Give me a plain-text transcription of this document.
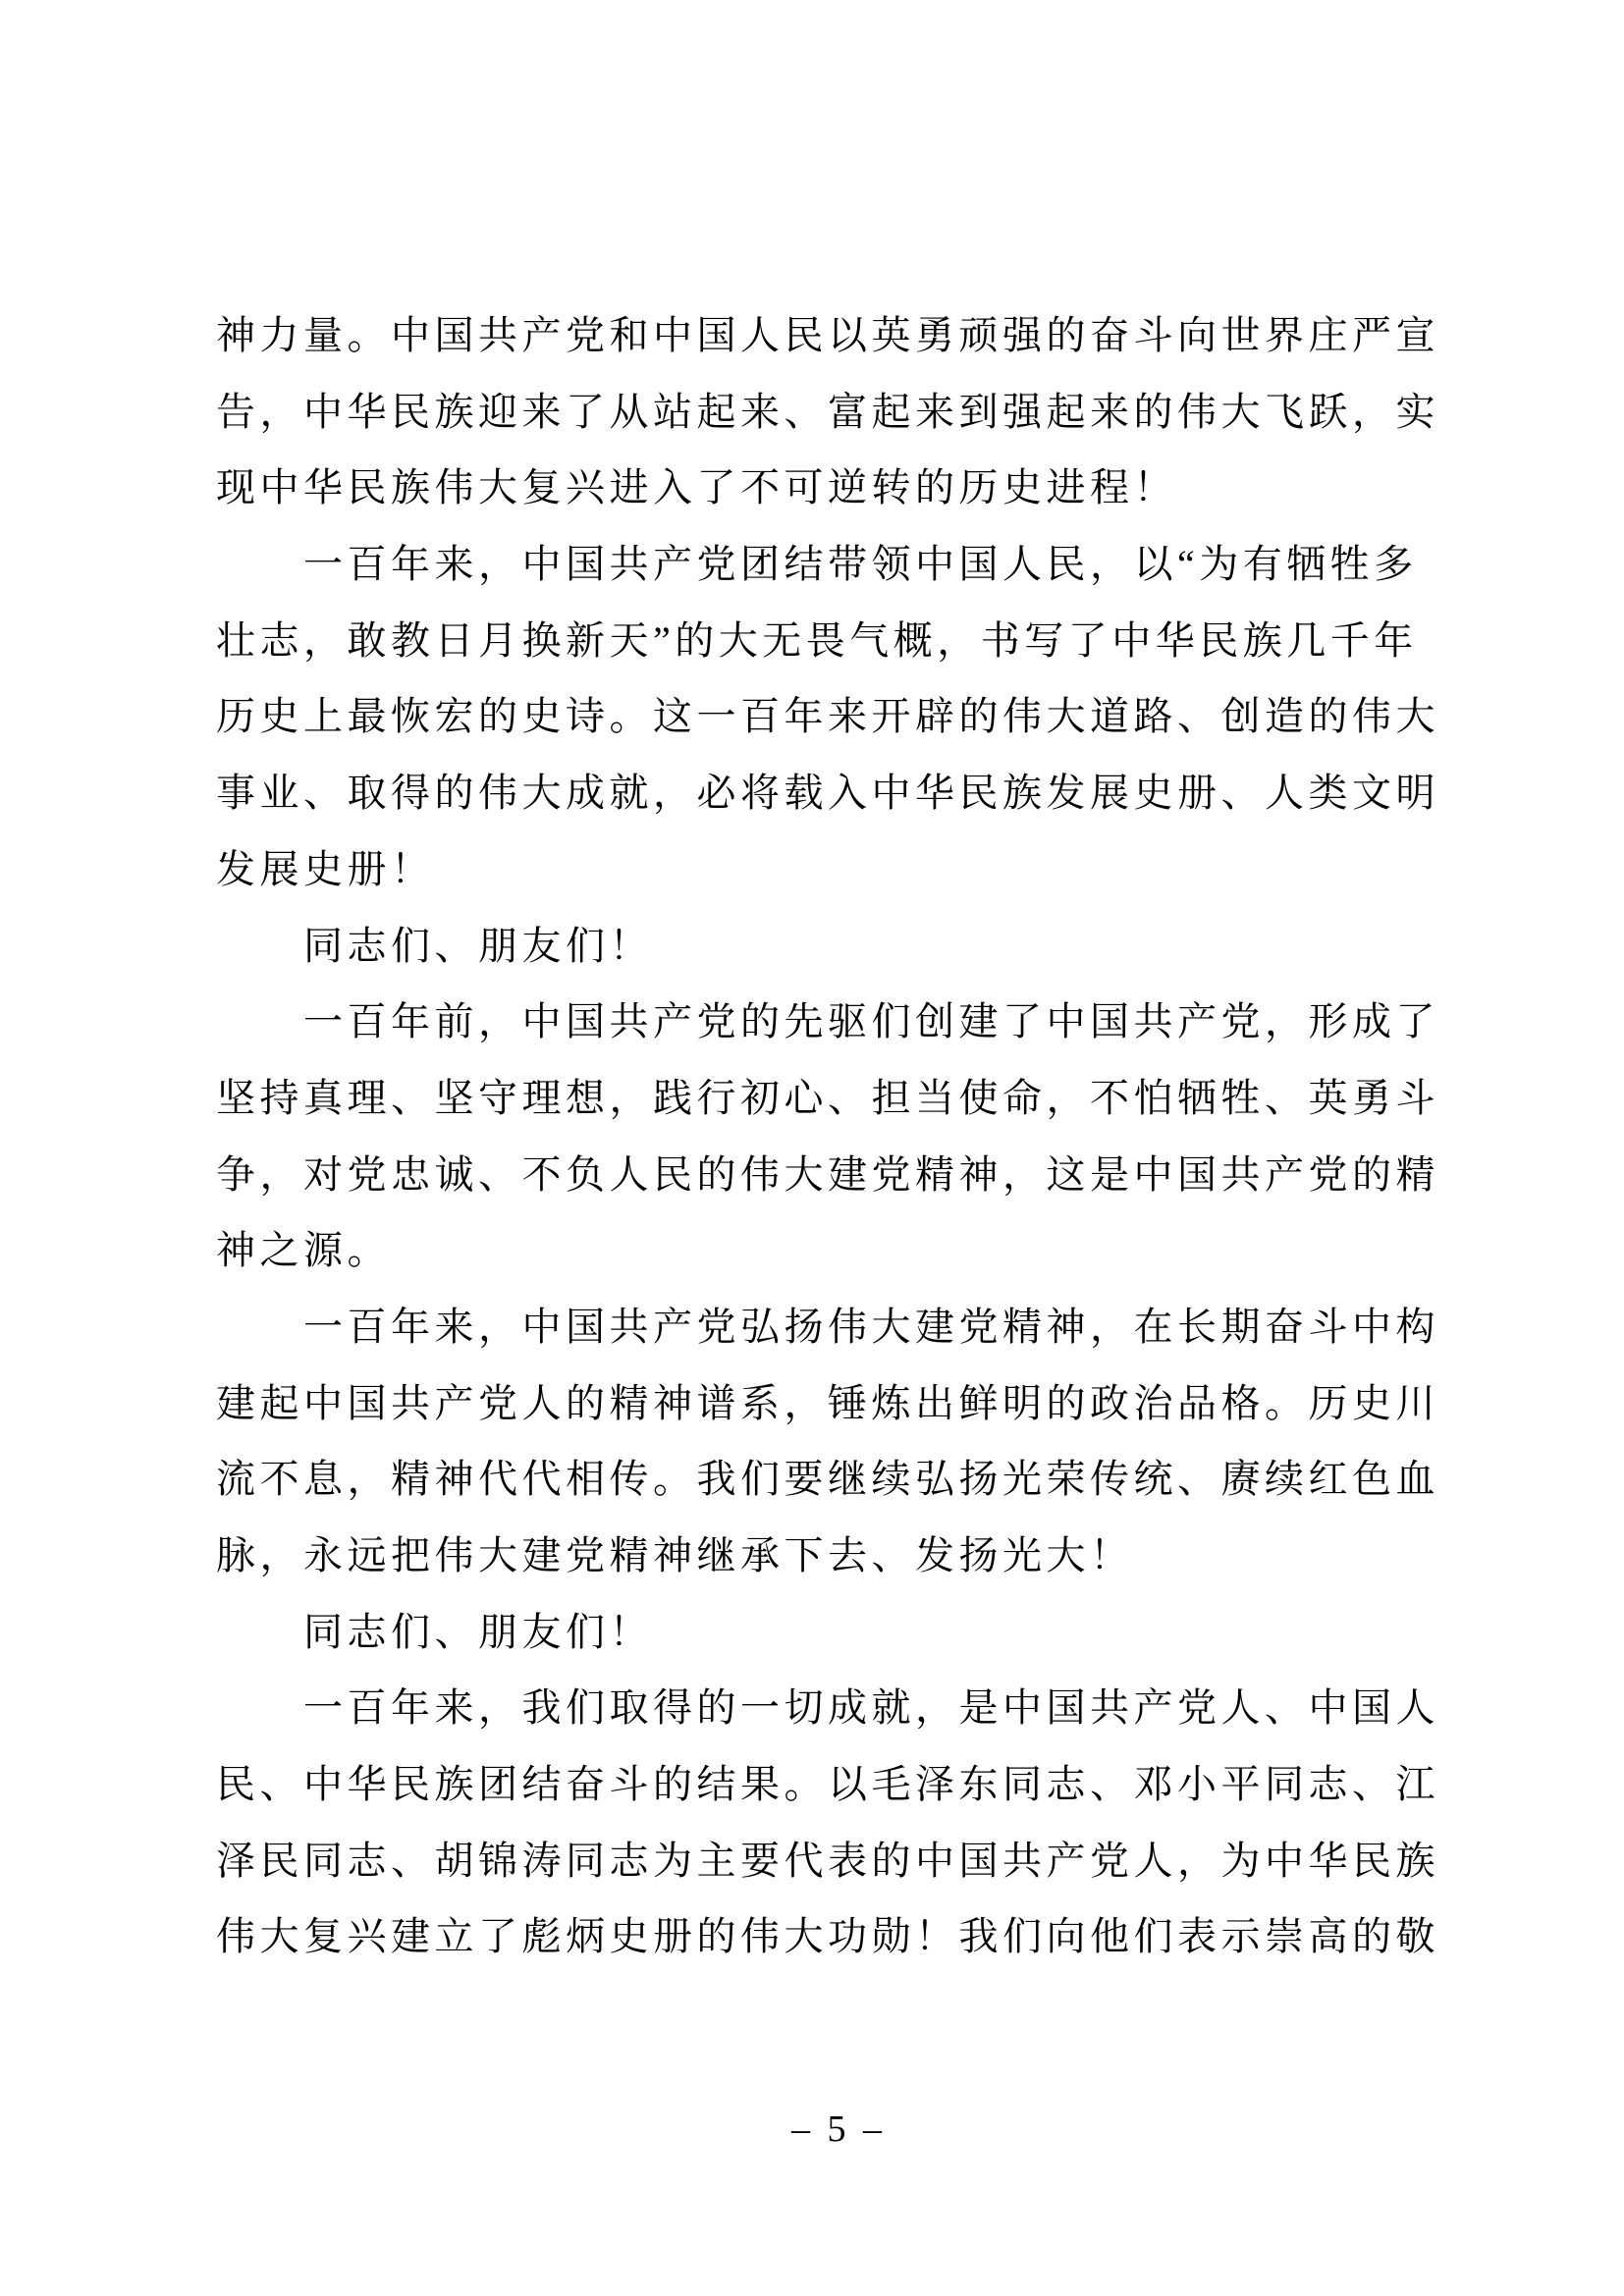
神力量。中国共产党和中国人民以英勇顽强的奋斗向世界庄严宣
告，中华民族迎来了从站起来、富起来到强起来的伟大飞跃，实
现中华民族伟大复兴进入了不可逆转的历史进程！
一百年来，中国共产党团结带领中国人民，以“为有牺牲多
壮志，敢教日月换新天”的大无畏气概，书写了中华民族几千年
历史上最恢宏的史诗。这一百年来开辟的伟大道路、创造的伟大
事业、取得的伟大成就，必将载入中华民族发展史册、人类文明
发展史册！
同志们、朋友们！
一百年前，中国共产党的先驱们创建了中国共产党，形成了
坚持真理、坚守理想，践行初心、担当使命，不怕牺牲、英勇斗
争，对党忠诚、不负人民的伟大建党精神，这是中国共产党的精
神之源。
一百年来，中国共产党弘扬伟大建党精神，在长期奋斗中构
建起中国共产党人的精神谱系，锤炼出鲜明的政治品格。历史川
流不息，精神代代相传。我们要继续弘扬光荣传统、赓续红色血
脉，永远把伟大建党精神继承下去、发扬光大！
同志们、朋友们！
一百年来，我们取得的一切成就，是中国共产党人、中国人
民、中华民族团结奋斗的结果。以毛泽东同志、邓小平同志、江
泽民同志、胡锦涛同志为主要代表的中国共产党人，为中华民族
伟大复兴建立了彪炳史册的伟大功勋！我们向他们表示崇高的敬
– 5 –
